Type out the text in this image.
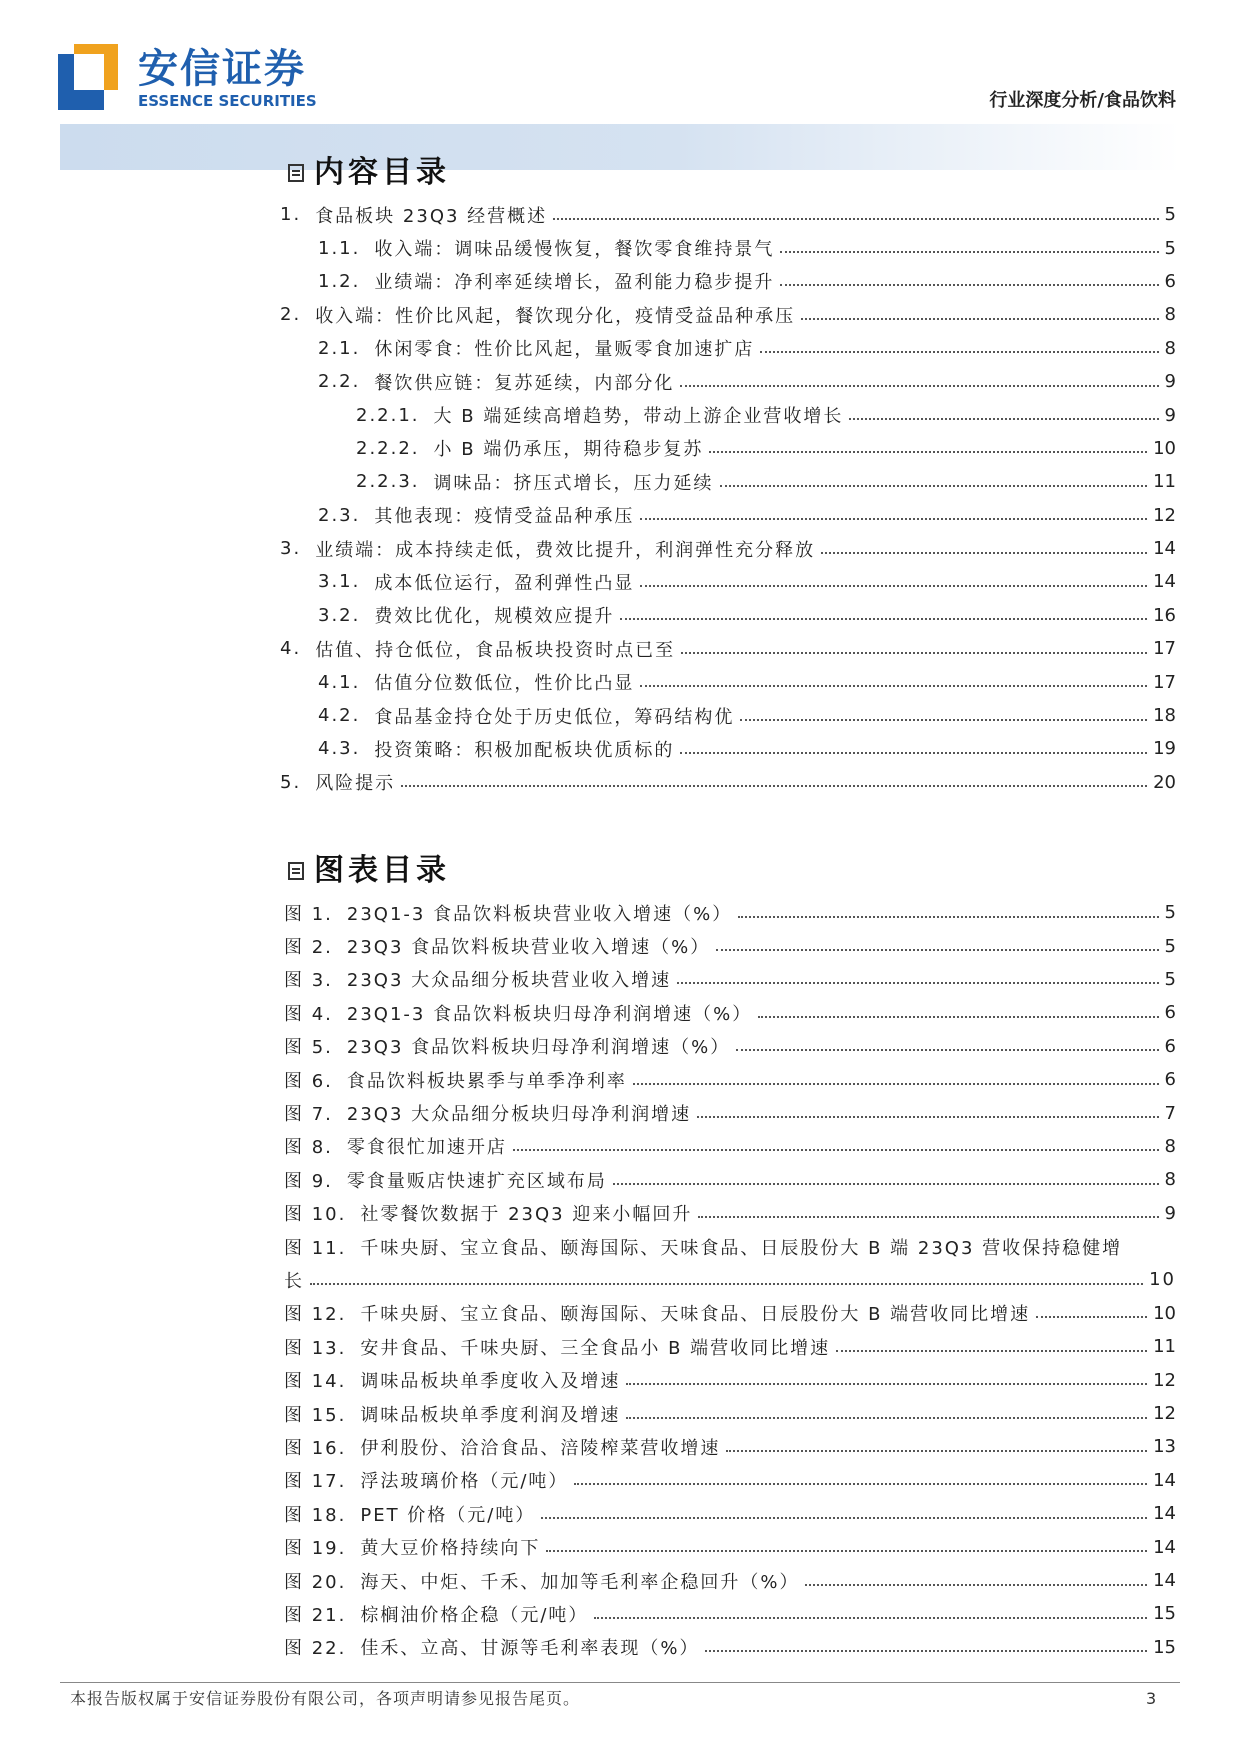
安信证券
ESSENCE SECURITIES	行业深度分析/食品饮料
内容目录
1. 食品板块 23Q3 经营概述	5
1.1. 收入端：调味品缓慢恢复，餐饮零食维持景气	5
1.2. 业绩端：净利率延续增长，盈利能力稳步提升	6
2. 收入端：性价比风起，餐饮现分化，疫情受益品种承压	8
2.1. 休闲零食：性价比风起，量贩零食加速扩店	8
2.2. 餐饮供应链：复苏延续，内部分化	9
2.2.1. 大 B 端延续高增趋势，带动上游企业营收增长	9
2.2.2. 小 B 端仍承压，期待稳步复苏	10
2.2.3. 调味品：挤压式增长，压力延续	11
2.3. 其他表现：疫情受益品种承压	12
3. 业绩端：成本持续走低，费效比提升，利润弹性充分释放	14
3.1. 成本低位运行，盈利弹性凸显	14
3.2. 费效比优化，规模效应提升	16
4. 估值、持仓低位，食品板块投资时点已至	17
4.1. 估值分位数低位，性价比凸显	17
4.2. 食品基金持仓处于历史低位，筹码结构优	18
4.3. 投资策略：积极加配板块优质标的	19
5. 风险提示	20
图表目录
图 1. 23Q1-3 食品饮料板块营业收入增速（%）	5
图 2. 23Q3 食品饮料板块营业收入增速（%）	5
图 3. 23Q3 大众品细分板块营业收入增速	5
图 4. 23Q1-3 食品饮料板块归母净利润增速（%）	6
图 5. 23Q3 食品饮料板块归母净利润增速（%）	6
图 6. 食品饮料板块累季与单季净利率	6
图 7. 23Q3 大众品细分板块归母净利润增速	7
图 8. 零食很忙加速开店	8
图 9. 零食量贩店快速扩充区域布局	8
图 10. 社零餐饮数据于 23Q3 迎来小幅回升	9
图 11. 千味央厨、宝立食品、颐海国际、天味食品、日辰股份大 B 端 23Q3 营收保持稳健增
长	10
图 12. 千味央厨、宝立食品、颐海国际、天味食品、日辰股份大 B 端营收同比增速	10
图 13. 安井食品、千味央厨、三全食品小 B 端营收同比增速	11
图 14. 调味品板块单季度收入及增速	12
图 15. 调味品板块单季度利润及增速	12
图 16. 伊利股份、洽洽食品、涪陵榨菜营收增速	13
图 17. 浮法玻璃价格（元/吨）	14
图 18. PET 价格（元/吨）	14
图 19. 黄大豆价格持续向下	14
图 20. 海天、中炬、千禾、加加等毛利率企稳回升（%）	14
图 21. 棕榈油价格企稳（元/吨）	15
图 22. 佳禾、立高、甘源等毛利率表现（%）	15
本报告版权属于安信证券股份有限公司，各项声明请参见报告尾页。	3
